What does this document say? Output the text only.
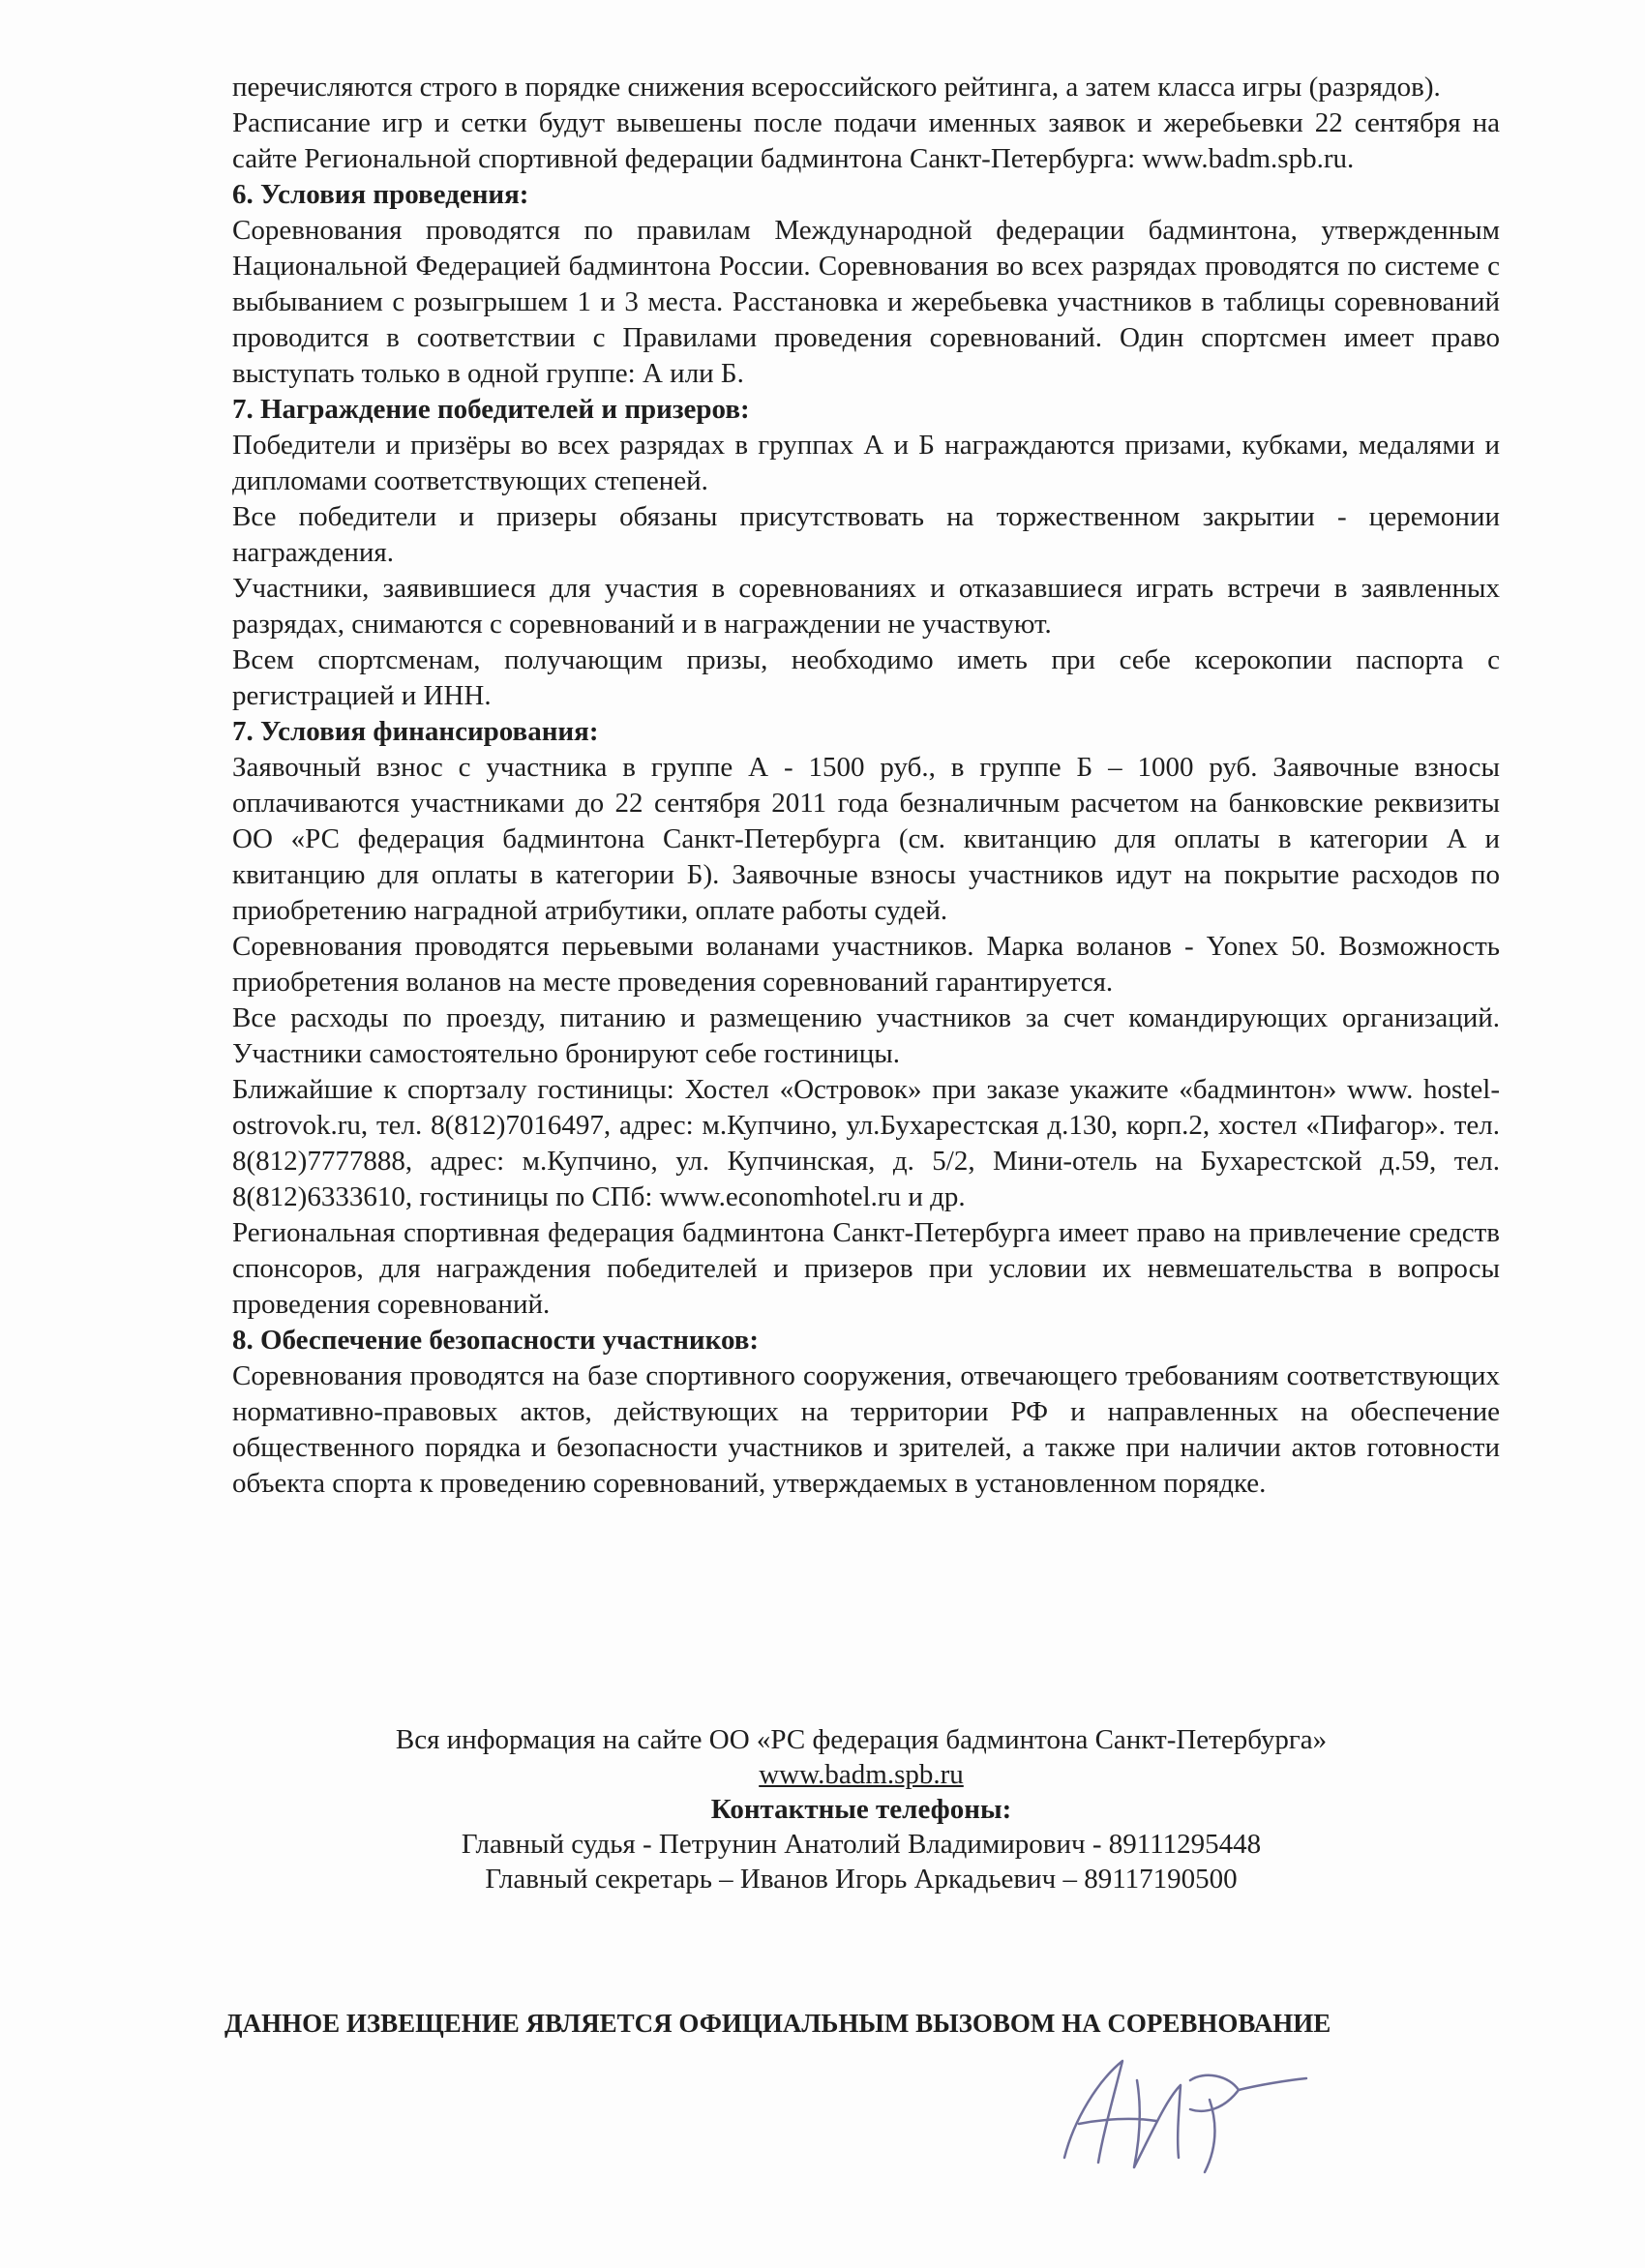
перечисляются строго в порядке снижения всероссийского рейтинга, а затем класса игры (разрядов).

Расписание игр и сетки будут вывешены после подачи именных заявок и жеребьевки 22 сентября на сайте Региональной спортивной федерации бадминтона Санкт-Петербурга: www.badm.spb.ru.

6. Условия проведения:

Соревнования проводятся по правилам Международной федерации бадминтона, утвержденным Национальной Федерацией бадминтона России. Соревнования во всех разрядах проводятся по системе с выбыванием с розыгрышем 1 и 3 места. Расстановка и жеребьевка участников в таблицы соревнований проводится в соответствии с Правилами проведения соревнований. Один спортсмен имеет право выступать только в одной группе: А или Б.

7. Награждение победителей и призеров:

Победители и призёры во всех разрядах в группах А и Б награждаются призами, кубками, медалями и дипломами соответствующих степеней.

Все победители и призеры обязаны присутствовать на торжественном закрытии - церемонии награждения.

Участники, заявившиеся для участия в соревнованиях и отказавшиеся играть встречи в заявленных разрядах, снимаются с соревнований и в награждении не участвуют.

Всем спортсменам, получающим призы, необходимо иметь при себе ксерокопии паспорта с регистрацией и ИНН.

7. Условия финансирования:

Заявочный взнос с участника в группе А - 1500 руб., в группе Б – 1000 руб. Заявочные взносы оплачиваются участниками до 22 сентября 2011 года безналичным расчетом на банковские реквизиты ОО «РС федерация бадминтона Санкт-Петербурга (см. квитанцию для оплаты в категории А и квитанцию для оплаты в категории Б). Заявочные взносы участников идут на покрытие расходов по приобретению наградной атрибутики, оплате работы судей.

Соревнования проводятся перьевыми воланами участников. Марка воланов - Yonex 50. Возможность приобретения воланов на месте проведения соревнований гарантируется.

Все расходы по проезду, питанию и размещению участников за счет командирующих организаций. Участники самостоятельно бронируют себе гостиницы.

Ближайшие к спортзалу гостиницы: Хостел «Островок» при заказе укажите «бадминтон» www. hostel-ostrovok.ru, тел. 8(812)7016497, адрес: м.Купчино, ул.Бухарестская д.130, корп.2, хостел «Пифагор». тел. 8(812)7777888, адрес: м.Купчино, ул. Купчинская, д. 5/2, Мини-отель на Бухарестской д.59, тел. 8(812)6333610, гостиницы по СПб: www.economhotel.ru и др.

Региональная спортивная федерация бадминтона Санкт-Петербурга имеет право на привлечение средств спонсоров, для награждения победителей и призеров при условии их невмешательства в вопросы проведения соревнований.

8. Обеспечение безопасности участников:

Соревнования проводятся на базе спортивного сооружения, отвечающего требованиям соответствующих нормативно-правовых актов, действующих на территории РФ и направленных на обеспечение общественного порядка и безопасности участников и зрителей, а также при наличии актов готовности объекта спорта к проведению соревнований, утверждаемых в установленном порядке.

Вся информация на сайте ОО «РС федерация бадминтона Санкт-Петербурга»

www.badm.spb.ru

Контактные телефоны:

Главный судья - Петрунин Анатолий Владимирович - 89111295448

Главный секретарь – Иванов Игорь Аркадьевич – 89117190500

ДАННОЕ ИЗВЕЩЕНИЕ ЯВЛЯЕТСЯ ОФИЦИАЛЬНЫМ ВЫЗОВОМ НА СОРЕВНОВАНИЕ
